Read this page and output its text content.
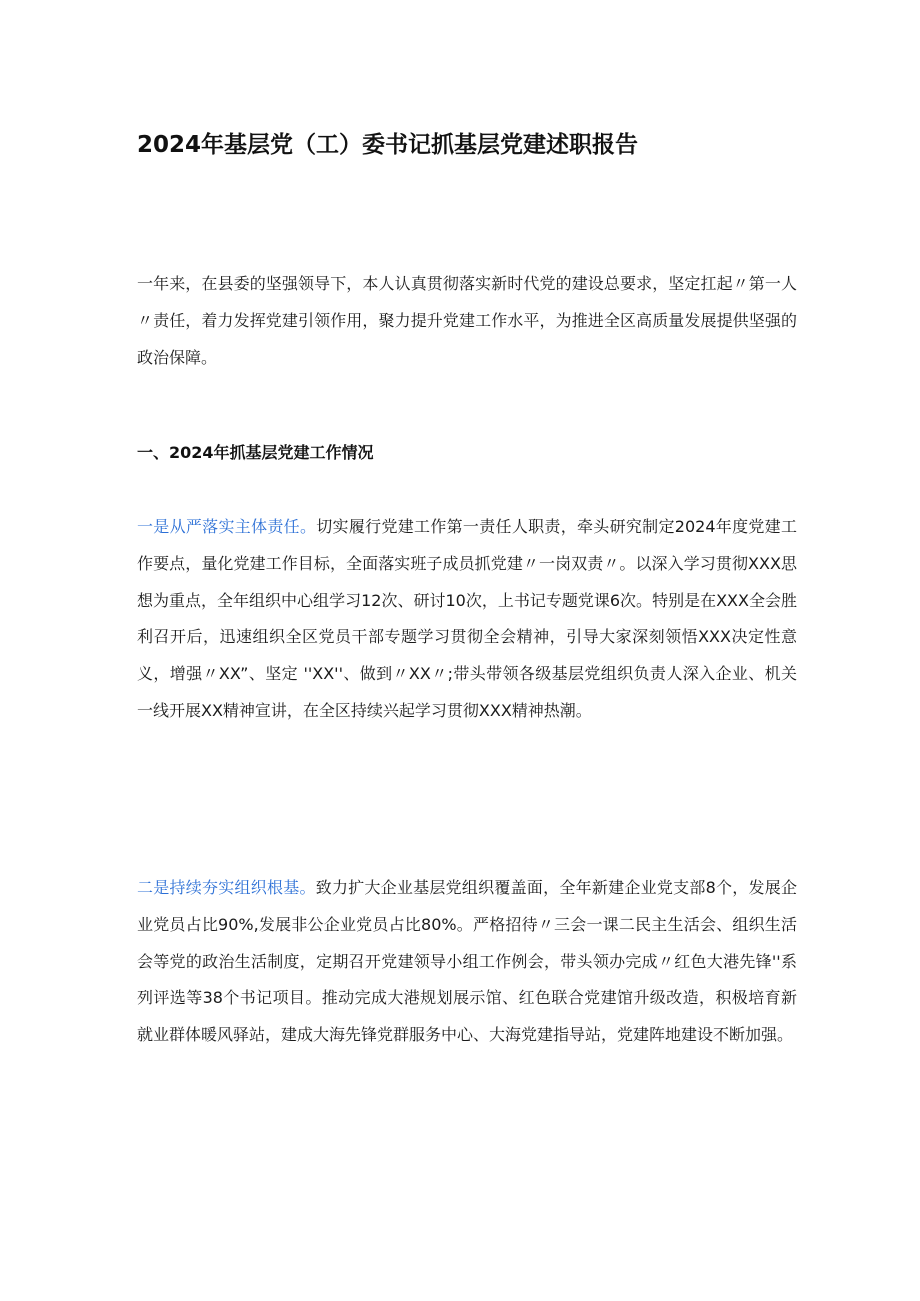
2024年基层党（工）委书记抓基层党建述职报告

一年来，在县委的坚强领导下，本人认真贯彻落实新时代党的建设总要求，坚定扛起〃第一人〃责任，着力发挥党建引领作用，聚力提升党建工作水平，为推进全区高质量发展提供坚强的政治保障。

一、2024年抓基层党建工作情况

一是从严落实主体责任。切实履行党建工作第一责任人职责，牵头研究制定2024年度党建工作要点，量化党建工作目标，全面落实班子成员抓党建〃一岗双责〃。以深入学习贯彻XXX思想为重点，全年组织中心组学习12次、研讨10次，上书记专题党课6次。特别是在XXX全会胜利召开后，迅速组织全区党员干部专题学习贯彻全会精神，引导大家深刻领悟XXX决定性意义，增强〃XX”、坚定 ''XX''、做到〃XX〃;带头带领各级基层党组织负责人深入企业、机关一线开展XX精神宣讲，在全区持续兴起学习贯彻XXX精神热潮。

二是持续夯实组织根基。致力扩大企业基层党组织覆盖面，全年新建企业党支部8个，发展企业党员占比90%,发展非公企业党员占比80%。严格招待〃三会一课二民主生活会、组织生活会等党的政治生活制度，定期召开党建领导小组工作例会，带头领办完成〃红色大港先锋''系列评选等38个书记项目。推动完成大港规划展示馆、红色联合党建馆升级改造，积极培育新就业群体暖风驿站，建成大海先锋党群服务中心、大海党建指导站，党建阵地建设不断加强。
